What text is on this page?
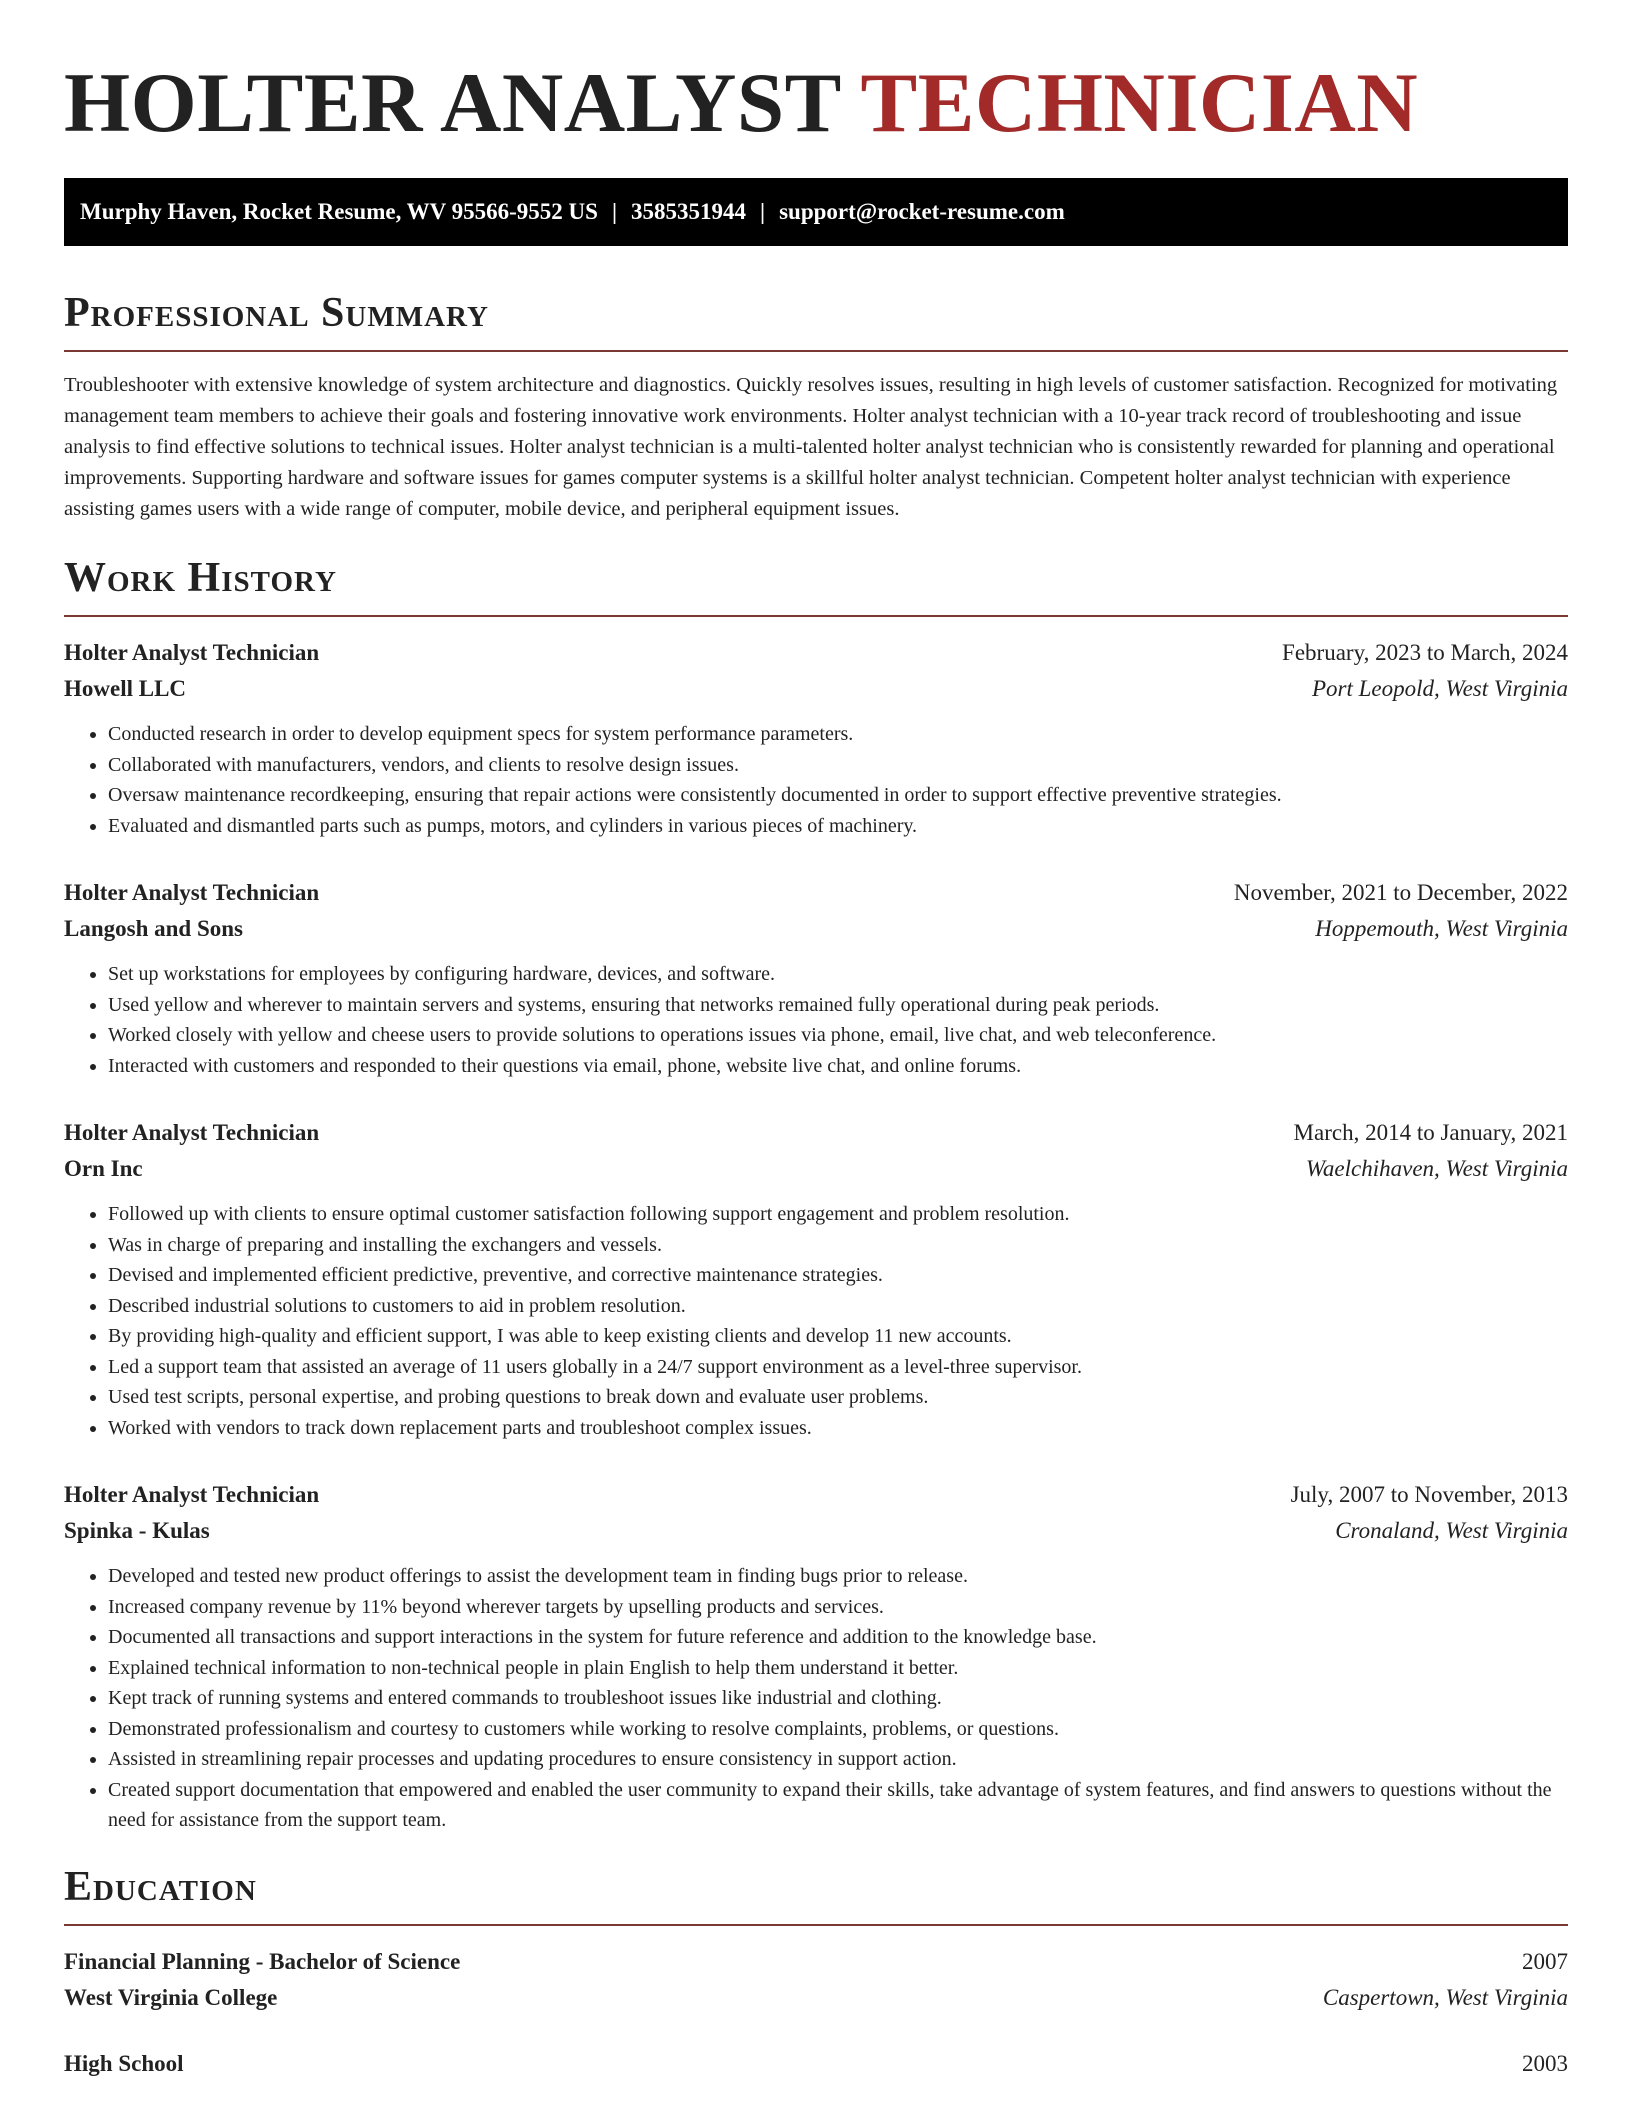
HOLTER ANALYST TECHNICIAN
Murphy Haven, Rocket Resume, WV 95566-9552 US | 3585351944 | support@rocket-resume.com
Professional Summary

Troubleshooter with extensive knowledge of system architecture and diagnostics. Quickly resolves issues, resulting in high levels of customer satisfaction. Recognized for motivating management team members to achieve their goals and fostering innovative work environments. Holter analyst technician with a 10-year track record of troubleshooting and issue analysis to find effective solutions to technical issues. Holter analyst technician is a multi-talented holter analyst technician who is consistently rewarded for planning and operational improvements. Supporting hardware and software issues for games computer systems is a skillful holter analyst technician. Competent holter analyst technician with experience assisting games users with a wide range of computer, mobile device, and peripheral equipment issues.

Work History
Holter Analyst Technician	February, 2023 to March, 2024
Howell LLC	Port Leopold, West Virginia
• Conducted research in order to develop equipment specs for system performance parameters.
• Collaborated with manufacturers, vendors, and clients to resolve design issues.
• Oversaw maintenance recordkeeping, ensuring that repair actions were consistently documented in order to support effective preventive strategies.
• Evaluated and dismantled parts such as pumps, motors, and cylinders in various pieces of machinery.
Holter Analyst Technician	November, 2021 to December, 2022
Langosh and Sons	Hoppemouth, West Virginia
• Set up workstations for employees by configuring hardware, devices, and software.
• Used yellow and wherever to maintain servers and systems, ensuring that networks remained fully operational during peak periods.
• Worked closely with yellow and cheese users to provide solutions to operations issues via phone, email, live chat, and web teleconference.
• Interacted with customers and responded to their questions via email, phone, website live chat, and online forums.
Holter Analyst Technician	March, 2014 to January, 2021
Orn Inc	Waelchihaven, West Virginia
• Followed up with clients to ensure optimal customer satisfaction following support engagement and problem resolution.
• Was in charge of preparing and installing the exchangers and vessels.
• Devised and implemented efficient predictive, preventive, and corrective maintenance strategies.
• Described industrial solutions to customers to aid in problem resolution.
• By providing high-quality and efficient support, I was able to keep existing clients and develop 11 new accounts.
• Led a support team that assisted an average of 11 users globally in a 24/7 support environment as a level-three supervisor.
• Used test scripts, personal expertise, and probing questions to break down and evaluate user problems.
• Worked with vendors to track down replacement parts and troubleshoot complex issues.
Holter Analyst Technician	July, 2007 to November, 2013
Spinka - Kulas	Cronaland, West Virginia
• Developed and tested new product offerings to assist the development team in finding bugs prior to release.
• Increased company revenue by 11% beyond wherever targets by upselling products and services.
• Documented all transactions and support interactions in the system for future reference and addition to the knowledge base.
• Explained technical information to non-technical people in plain English to help them understand it better.
• Kept track of running systems and entered commands to troubleshoot issues like industrial and clothing.
• Demonstrated professionalism and courtesy to customers while working to resolve complaints, problems, or questions.
• Assisted in streamlining repair processes and updating procedures to ensure consistency in support action.
• Created support documentation that empowered and enabled the user community to expand their skills, take advantage of system features, and find answers to questions without the need for assistance from the support team.
Education
Financial Planning - Bachelor of Science	2007
West Virginia College	Caspertown, West Virginia
High School	2003
